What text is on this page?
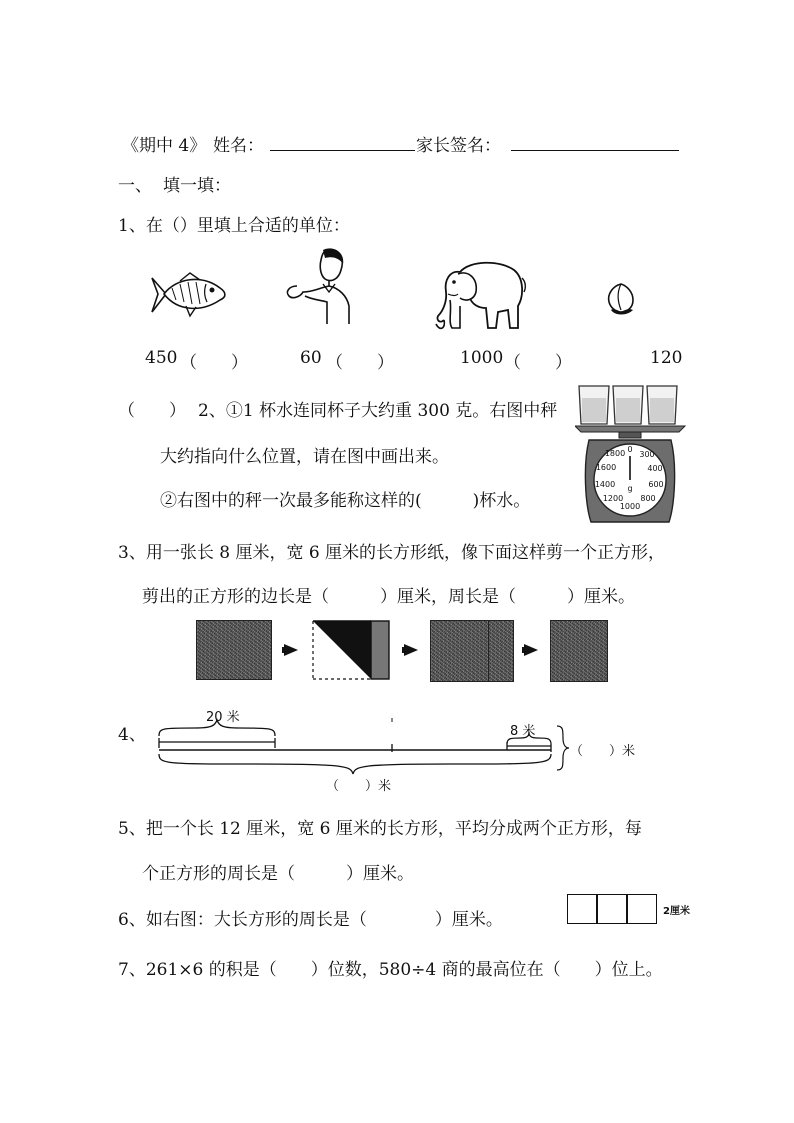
《期中 4》 姓名：	家长签名：
一、 填一填：
1、在（）里填上合适的单位：
450 （　　）	60 （　　）	1000 （　　）	120
（　　） 2、①1 杯水连同杯子大约重 300 克。右图中秤
大约指向什么位置，请在图中画出来。
②右图中的秤一次最多能称这样的(　　　)杯水。
1800 0
300
1600	400
1400	600
1200 800
1000
g
3、用一张长 8 厘米，宽 6 厘米的长方形纸，像下面这样剪一个正方形，
剪出的正方形的边长是（　　　）厘米，周长是（　　　）厘米。
4、
20 米
8 米
（　　）米
（　　）米
5、把一个长 12 厘米，宽 6 厘米的长方形，平均分成两个正方形，每
个正方形的周长是（　　　）厘米。
6、如右图：大长方形的周长是（　　　　）厘米。	2厘米
7、261×6 的积是（　　）位数，580÷4 商的最高位在（　　）位上。
